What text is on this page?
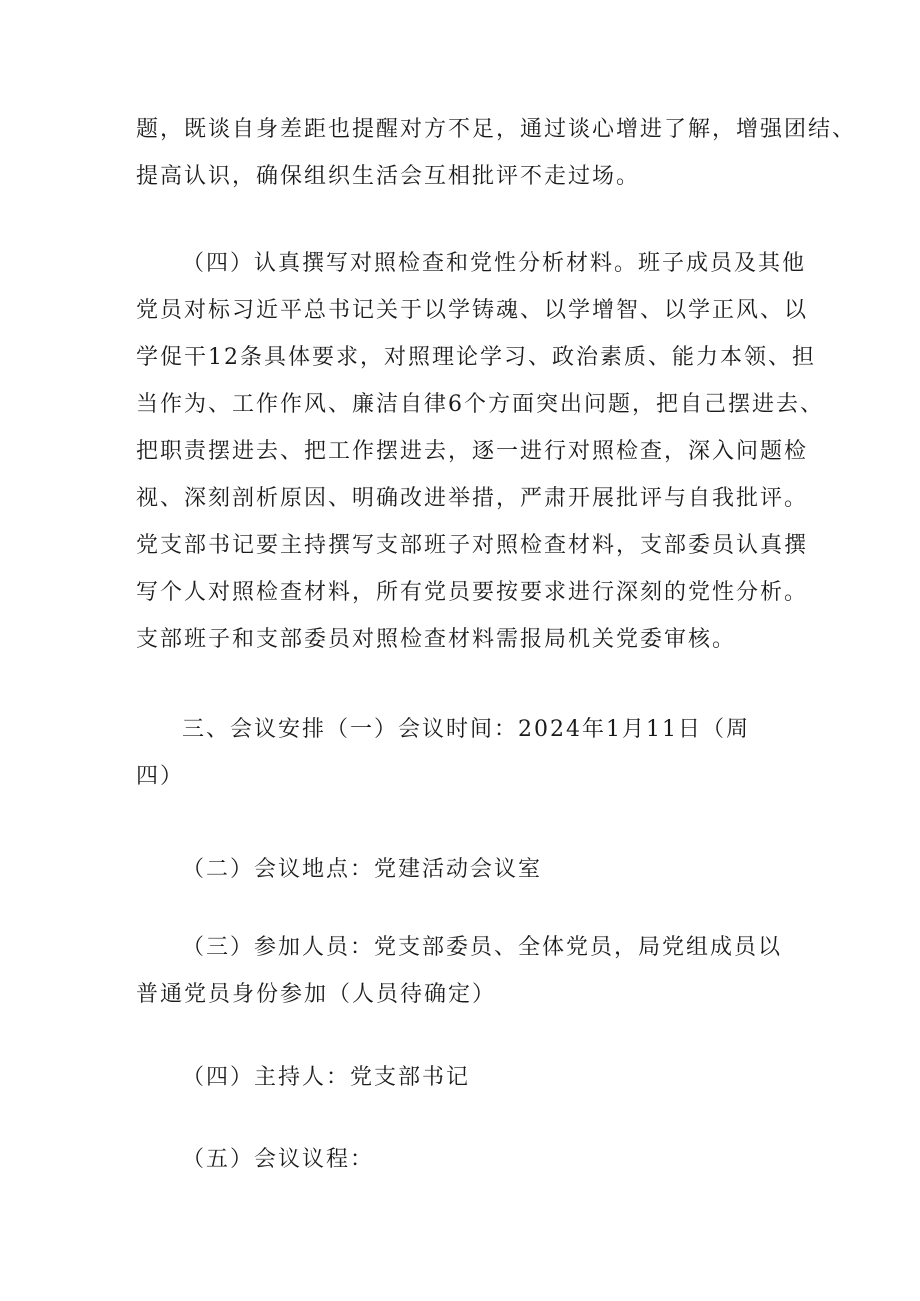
题，既谈自身差距也提醒对方不足，通过谈心增进了解，增强团结、
提高认识，确保组织生活会互相批评不走过场。

（四）认真撰写对照检查和党性分析材料。班子成员及其他
党员对标习近平总书记关于以学铸魂、以学增智、以学正风、以
学促干12条具体要求，对照理论学习、政治素质、能力本领、担
当作为、工作作风、廉洁自律6个方面突出问题，把自己摆进去、
把职责摆进去、把工作摆进去，逐一进行对照检查，深入问题检
视、深刻剖析原因、明确改进举措，严肃开展批评与自我批评。
党支部书记要主持撰写支部班子对照检查材料，支部委员认真撰
写个人对照检查材料，所有党员要按要求进行深刻的党性分析。
支部班子和支部委员对照检查材料需报局机关党委审核。

三、会议安排（一）会议时间：2024年1月11日（周
四）

（二）会议地点：党建活动会议室

（三）参加人员：党支部委员、全体党员，局党组成员以
普通党员身份参加（人员待确定）

（四）主持人：党支部书记

（五）会议议程：
